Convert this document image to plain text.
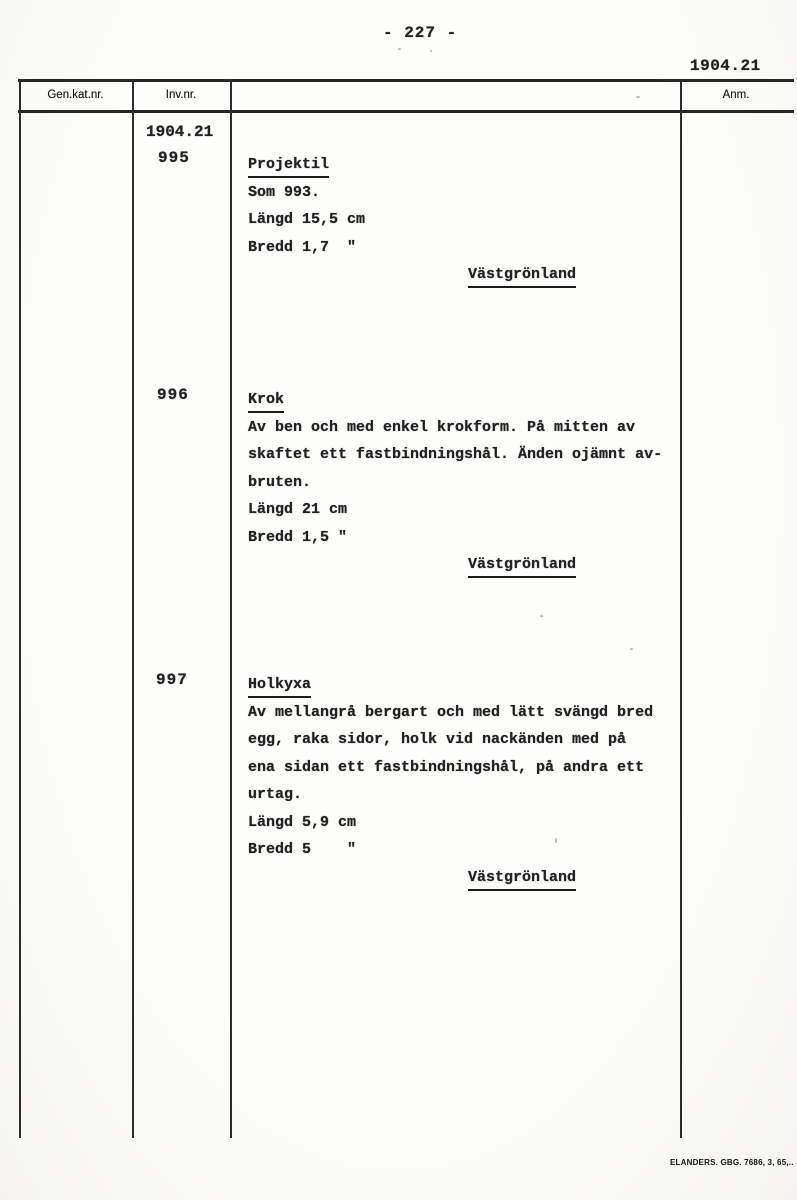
- 227 -
1904.21
Gen.kat.nr.	Inv.nr.	Anm.
1904.21
995
996
997
Projektil
Som 993.
Längd 15,5 cm
Bredd 1,7  "
Västgrönland
Krok
Av ben och med enkel krokform. På mitten av
skaftet ett fastbindningshål. Änden ojämnt av-
bruten.
Längd 21 cm
Bredd 1,5 "
Västgrönland
Holkyxa
Av mellangrå bergart och med lätt svängd bred
egg, raka sidor, holk vid nackänden med på
ena sidan ett fastbindningshål, på andra ett
urtag.
Längd 5,9 cm
Bredd 5    "
Västgrönland
ELANDERS. GBG. 7686, 3, 65,..
